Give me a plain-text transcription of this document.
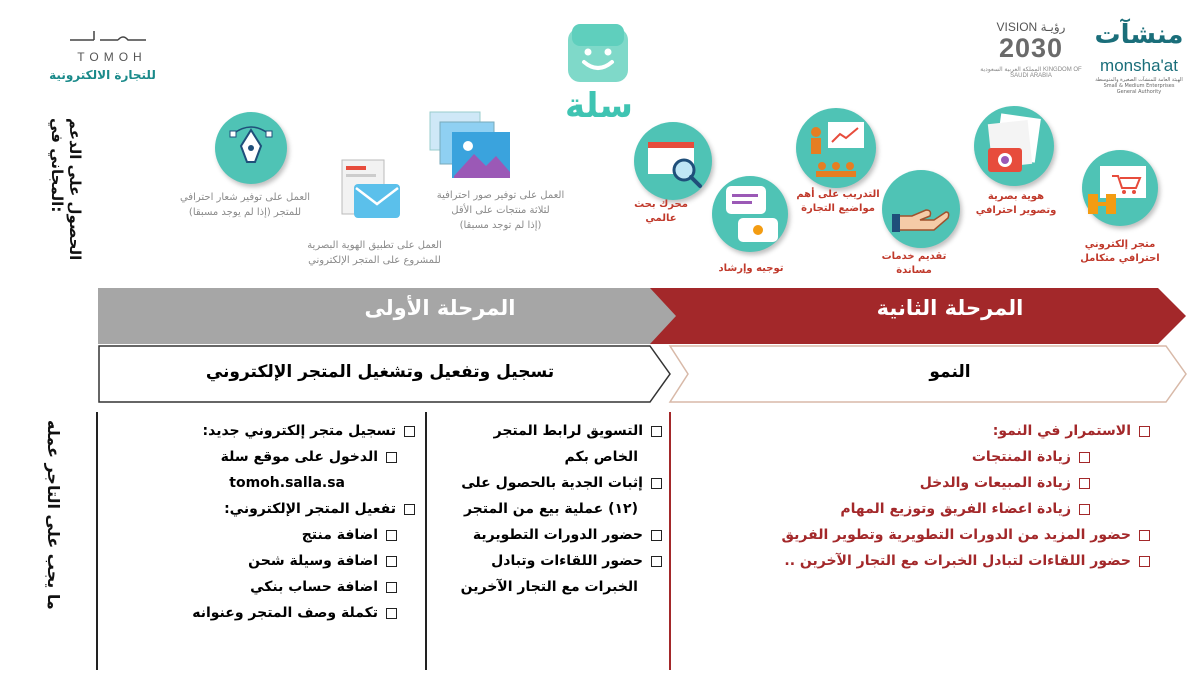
TOMOH
للتجارة الالكترونية
سلة
VISION رؤيـة
2030
المملكة العربية السعودية KINGDOM OF SAUDI ARABIA
منشآت
monsha'at
الهيئة العامة للمنشآت الصغيرة والمتوسطة Small & Medium Enterprises General Authority
الحصول على الدعم
المجاني في:
ما يجب على التاجر عمله
العمل على توفير شعار احترافي
للمتجر (إذا لم يوجد مسبقا)
العمل على تطبيق الهوية البصرية
للمشروع على المتجر الإلكتروني
العمل على توفير صور احترافية
لثلاثة منتجات على الأقل
(إذا لم توجد مسبقا)
محرك بحث
عالمي
توجيه وإرشاد
التدريب على أهم
مواضيع التجارة
تقديم خدمات
مساندة
هوية بصرية
وتصوير احترافي
متجر إلكتروني
احترافي متكامل
المرحلة الأولى	المرحلة الثانية
تسجيل وتفعيل وتشغيل المتجر الإلكتروني	النمو
تسجيل متجر إلكتروني جديد:
الدخول على موقع سلة
tomoh.salla.sa
تفعيل المتجر الإلكتروني:
اضافة منتج
اضافة وسيلة شحن
اضافة حساب بنكي
تكملة وصف المتجر وعنوانه
التسويق لرابط المتجر
الخاص بكم
إثبات الجدية بالحصول على
(١٢) عملية بيع من المتجر
حضور الدورات التطويرية
حضور اللقاءات وتبادل
الخبرات مع التجار الآخرين
الاستمرار في النمو:
زيادة المنتجات
زيادة المبيعات والدخل
زيادة اعضاء الفريق وتوزيع المهام
حضور المزيد من الدورات التطويرية وتطوير الفريق
حضور اللقاءات لتبادل الخبرات مع التجار الآخرين ..
